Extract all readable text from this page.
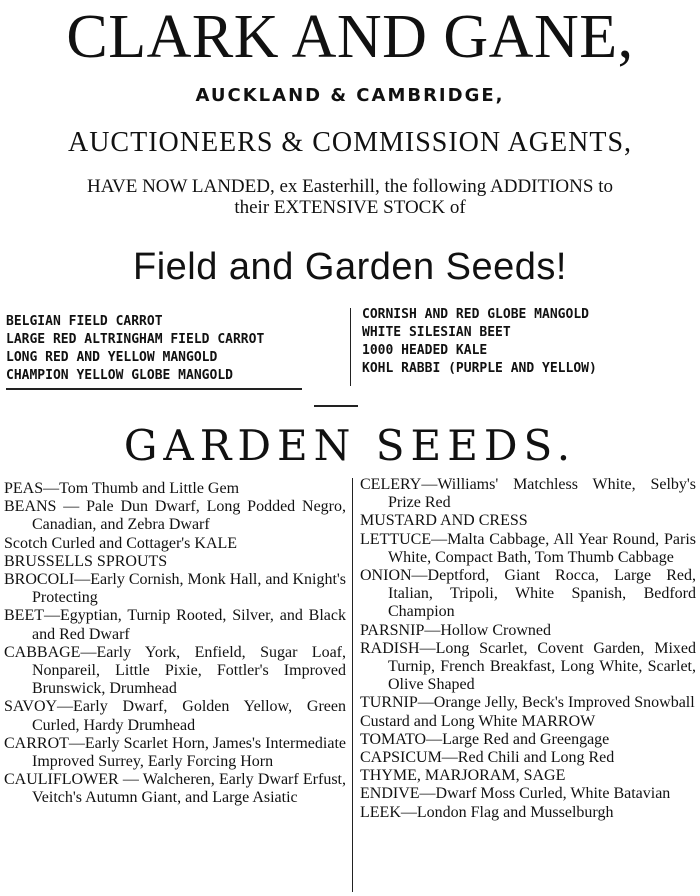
CLARK AND GANE,
AUCKLAND & CAMBRIDGE,
AUCTIONEERS & COMMISSION AGENTS,
HAVE NOW LANDED, ex Easterhill, the following ADDITIONS to
their EXTENSIVE STOCK of
Field and Garden Seeds!
BELGIAN FIELD CARROT
LARGE RED ALTRINGHAM FIELD CARROT
LONG RED AND YELLOW MANGOLD
CHAMPION YELLOW GLOBE MANGOLD
CORNISH AND RED GLOBE MANGOLD
WHITE SILESIAN BEET
1000 HEADED KALE
KOHL RABBI (PURPLE AND YELLOW)
GARDEN SEEDS.
PEAS—Tom Thumb and Little Gem
BEANS — Pale Dun Dwarf, Long Podded Negro, Canadian, and Zebra Dwarf
Scotch Curled and Cottager's KALE
BRUSSELLS SPROUTS
BROCOLI—Early Cornish, Monk Hall, and Knight's Protecting
BEET—Egyptian, Turnip Rooted, Silver, and Black and Red Dwarf
CABBAGE—Early York, Enfield, Sugar Loaf, Nonpareil, Little Pixie, Fottler's Improved Brunswick, Drumhead
SAVOY—Early Dwarf, Golden Yellow, Green Curled, Hardy Drumhead
CARROT—Early Scarlet Horn, James's Intermediate Improved Surrey, Early Forcing Horn
CAULIFLOWER — Walcheren, Early Dwarf Erfust, Veitch's Autumn Giant, and Large Asiatic
CELERY—Williams' Matchless White, Selby's Prize Red
MUSTARD AND CRESS
LETTUCE—Malta Cabbage, All Year Round, Paris White, Compact Bath, Tom Thumb Cabbage
ONION—Deptford, Giant Rocca, Large Red, Italian, Tripoli, White Spanish, Bedford Champion
PARSNIP—Hollow Crowned
RADISH—Long Scarlet, Covent Garden, Mixed Turnip, French Breakfast, Long White, Scarlet, Olive Shaped
TURNIP—Orange Jelly, Beck's Improved Snowball
Custard and Long White MARROW
TOMATO—Large Red and Greengage
CAPSICUM—Red Chili and Long Red
THYME, MARJORAM, SAGE
ENDIVE—Dwarf Moss Curled, White Batavian
LEEK—London Flag and Musselburgh
